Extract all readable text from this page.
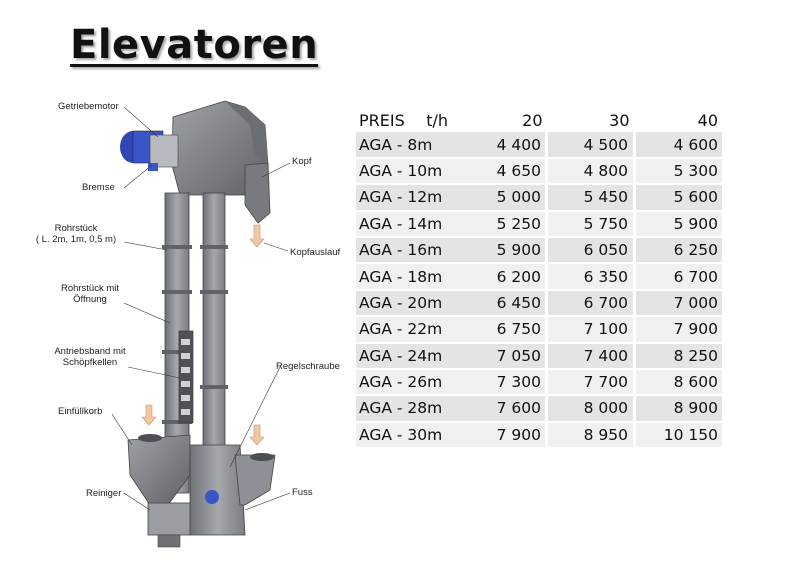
Elevatoren
Getriebemotor
Bremse
Rohrstück
( L. 2m, 1m, 0,5 m)
Rohrstück mit
Öffnung
Antriebsband mit
Schöpfkellen
Einfüllkorb
Reiniger
Kopf
Kopfauslauf
Regelschraube
Fuss
PREIS t/h	20	30	40
AGA - 8m	4 400	4 500	4 600
AGA - 10m	4 650	4 800	5 300
AGA - 12m	5 000	5 450	5 600
AGA - 14m	5 250	5 750	5 900
AGA - 16m	5 900	6 050	6 250
AGA - 18m	6 200	6 350	6 700
AGA - 20m	6 450	6 700	7 000
AGA - 22m	6 750	7 100	7 900
AGA - 24m	7 050	7 400	8 250
AGA - 26m	7 300	7 700	8 600
AGA - 28m	7 600	8 000	8 900
AGA - 30m	7 900	8 950	10 150
